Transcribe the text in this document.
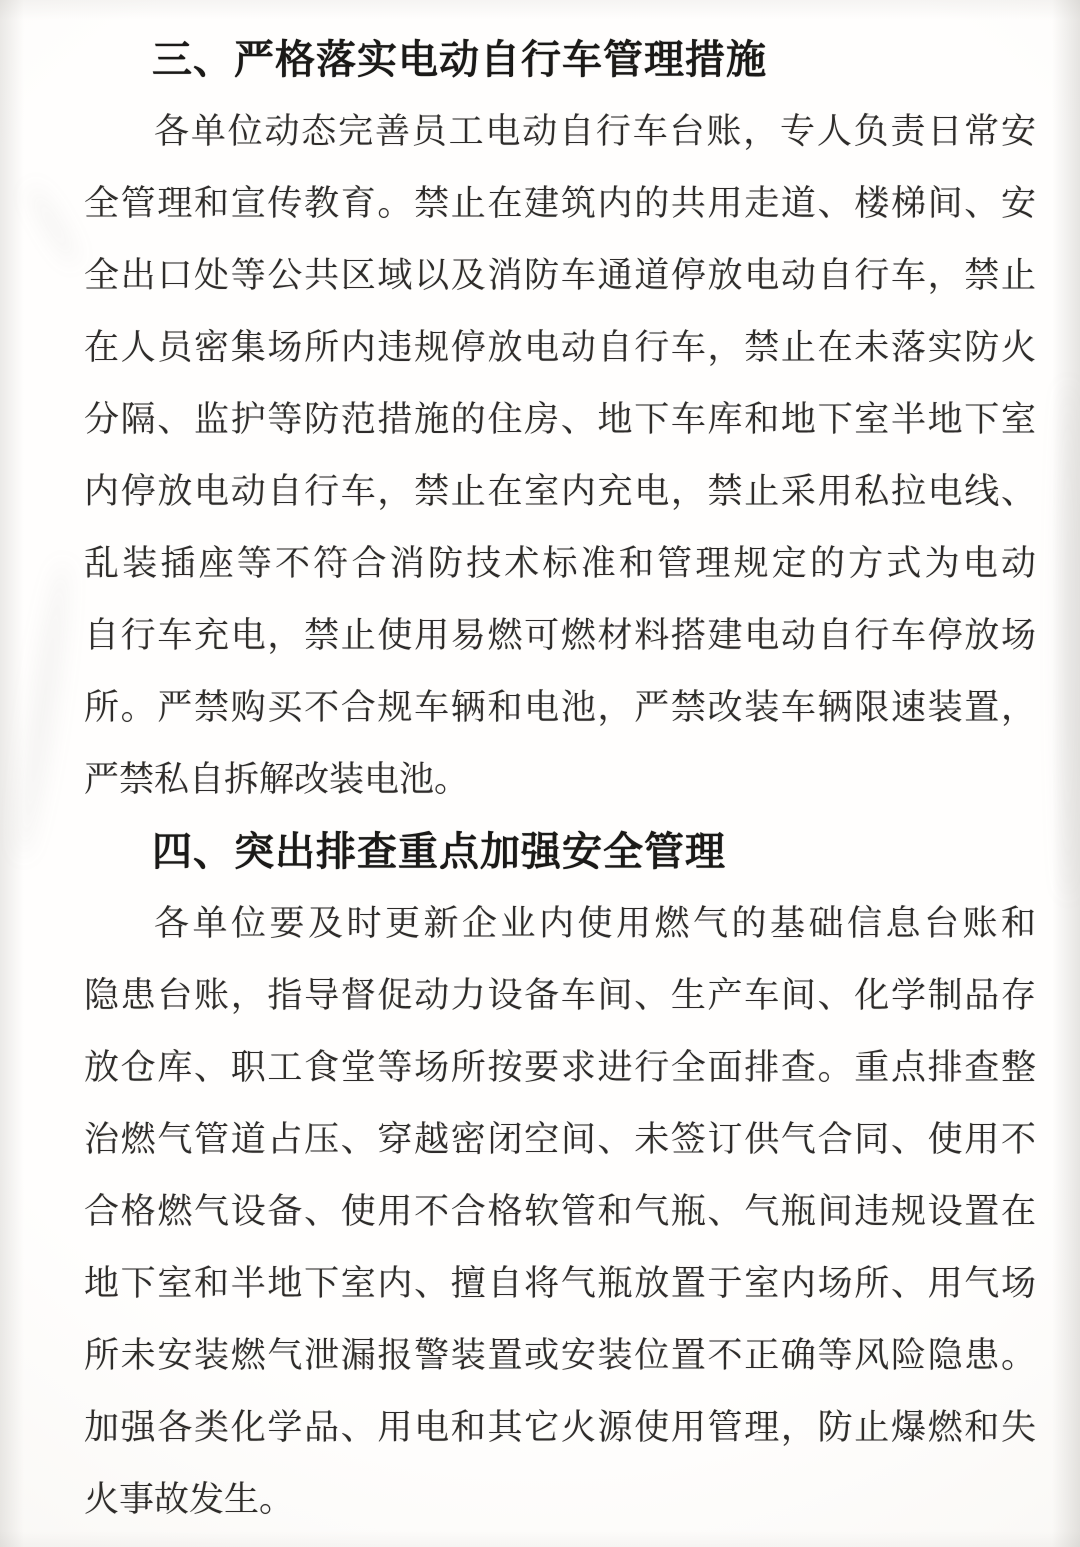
三、严格落实电动自行车管理措施
各单位动态完善员工电动自行车台账，专人负责日常安
全管理和宣传教育。禁止在建筑内的共用走道、楼梯间、安
全出口处等公共区域以及消防车通道停放电动自行车，禁止
在人员密集场所内违规停放电动自行车，禁止在未落实防火
分隔、监护等防范措施的住房、地下车库和地下室半地下室
内停放电动自行车，禁止在室内充电，禁止采用私拉电线、
乱装插座等不符合消防技术标准和管理规定的方式为电动
自行车充电，禁止使用易燃可燃材料搭建电动自行车停放场
所。严禁购买不合规车辆和电池，严禁改装车辆限速装置，
严禁私自拆解改装电池。
四、突出排查重点加强安全管理
各单位要及时更新企业内使用燃气的基础信息台账和
隐患台账，指导督促动力设备车间、生产车间、化学制品存
放仓库、职工食堂等场所按要求进行全面排查。重点排查整
治燃气管道占压、穿越密闭空间、未签订供气合同、使用不
合格燃气设备、使用不合格软管和气瓶、气瓶间违规设置在
地下室和半地下室内、擅自将气瓶放置于室内场所、用气场
所未安装燃气泄漏报警装置或安装位置不正确等风险隐患。
加强各类化学品、用电和其它火源使用管理，防止爆燃和失
火事故发生。
